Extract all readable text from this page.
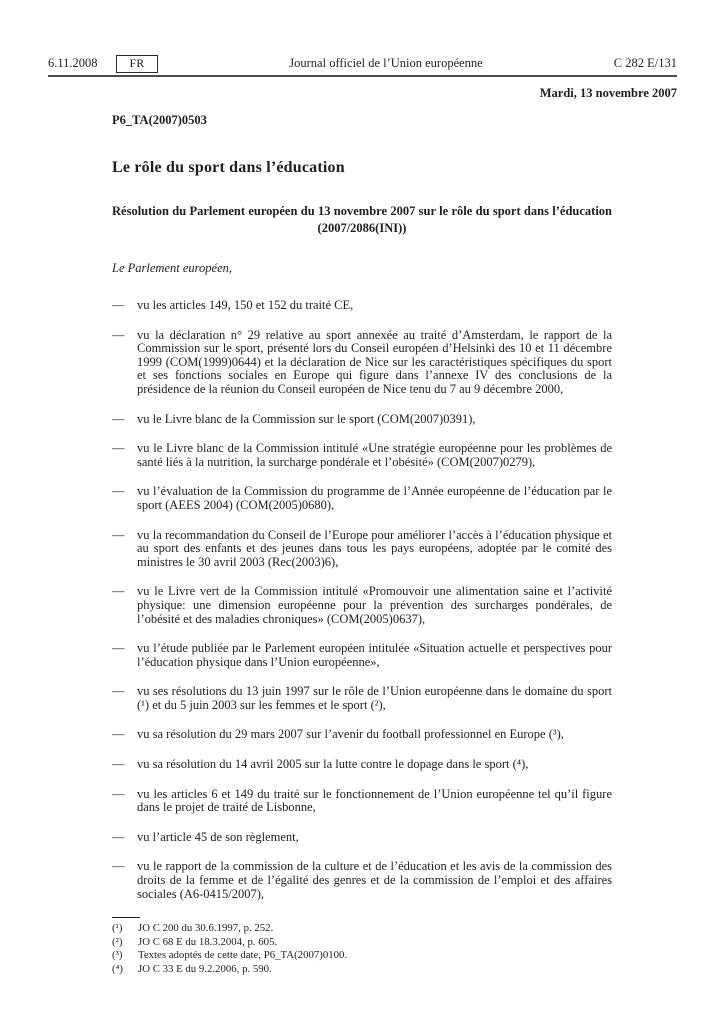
6.11.2008	FR	Journal officiel de l’Union européenne	C 282 E/131
Mardi, 13 novembre 2007
P6_TA(2007)0503
Le rôle du sport dans l’éducation
Résolution du Parlement européen du 13 novembre 2007 sur le rôle du sport dans l’éducation
(2007/2086(INI))
Le Parlement européen,
—	vu les articles 149, 150 et 152 du traité CE,
—	vu la déclaration n° 29 relative au sport annexée au traité d’Amsterdam, le rapport de la Commission sur le sport, présenté lors du Conseil européen d’Helsinki des 10 et 11 décembre 1999 (COM(1999)0644) et la déclaration de Nice sur les caractéristiques spécifiques du sport et ses fonctions sociales en Europe qui figure dans l’annexe IV des conclusions de la présidence de la réunion du Conseil européen de Nice tenu du 7 au 9 décembre 2000,
—	vu le Livre blanc de la Commission sur le sport (COM(2007)0391),
—	vu le Livre blanc de la Commission intitulé «Une stratégie européenne pour les problèmes de santé liés à la nutrition, la surcharge pondérale et l’obésité» (COM(2007)0279),
—	vu l’évaluation de la Commission du programme de l’Année européenne de l’éducation par le sport (AEES 2004) (COM(2005)0680),
—	vu la recommandation du Conseil de l’Europe pour améliorer l’accès à l’éducation physique et au sport des enfants et des jeunes dans tous les pays européens, adoptée par le comité des ministres le 30 avril 2003 (Rec(2003)6),
—	vu le Livre vert de la Commission intitulé «Promouvoir une alimentation saine et l’activité physique: une dimension européenne pour la prévention des surcharges pondérales, de l’obésité et des maladies chroniques» (COM(2005)0637),
—	vu l’étude publiée par le Parlement européen intitulée «Situation actuelle et perspectives pour l’éducation physique dans l’Union européenne»,
—	vu ses résolutions du 13 juin 1997 sur le rôle de l’Union européenne dans le domaine du sport (¹) et du 5 juin 2003 sur les femmes et le sport (²),
—	vu sa résolution du 29 mars 2007 sur l’avenir du football professionnel en Europe (³),
—	vu sa résolution du 14 avril 2005 sur la lutte contre le dopage dans le sport (⁴),
—	vu les articles 6 et 149 du traité sur le fonctionnement de l’Union européenne tel qu’il figure dans le projet de traité de Lisbonne,
—	vu l’article 45 de son règlement,
—	vu le rapport de la commission de la culture et de l’éducation et les avis de la commission des droits de la femme et de l’égalité des genres et de la commission de l’emploi et des affaires sociales (A6-0415/2007),
(¹)	JO C 200 du 30.6.1997, p. 252.
(²)	JO C 68 E du 18.3.2004, p. 605.
(³)	Textes adoptés de cette date, P6_TA(2007)0100.
(⁴)	JO C 33 E du 9.2.2006, p. 590.
